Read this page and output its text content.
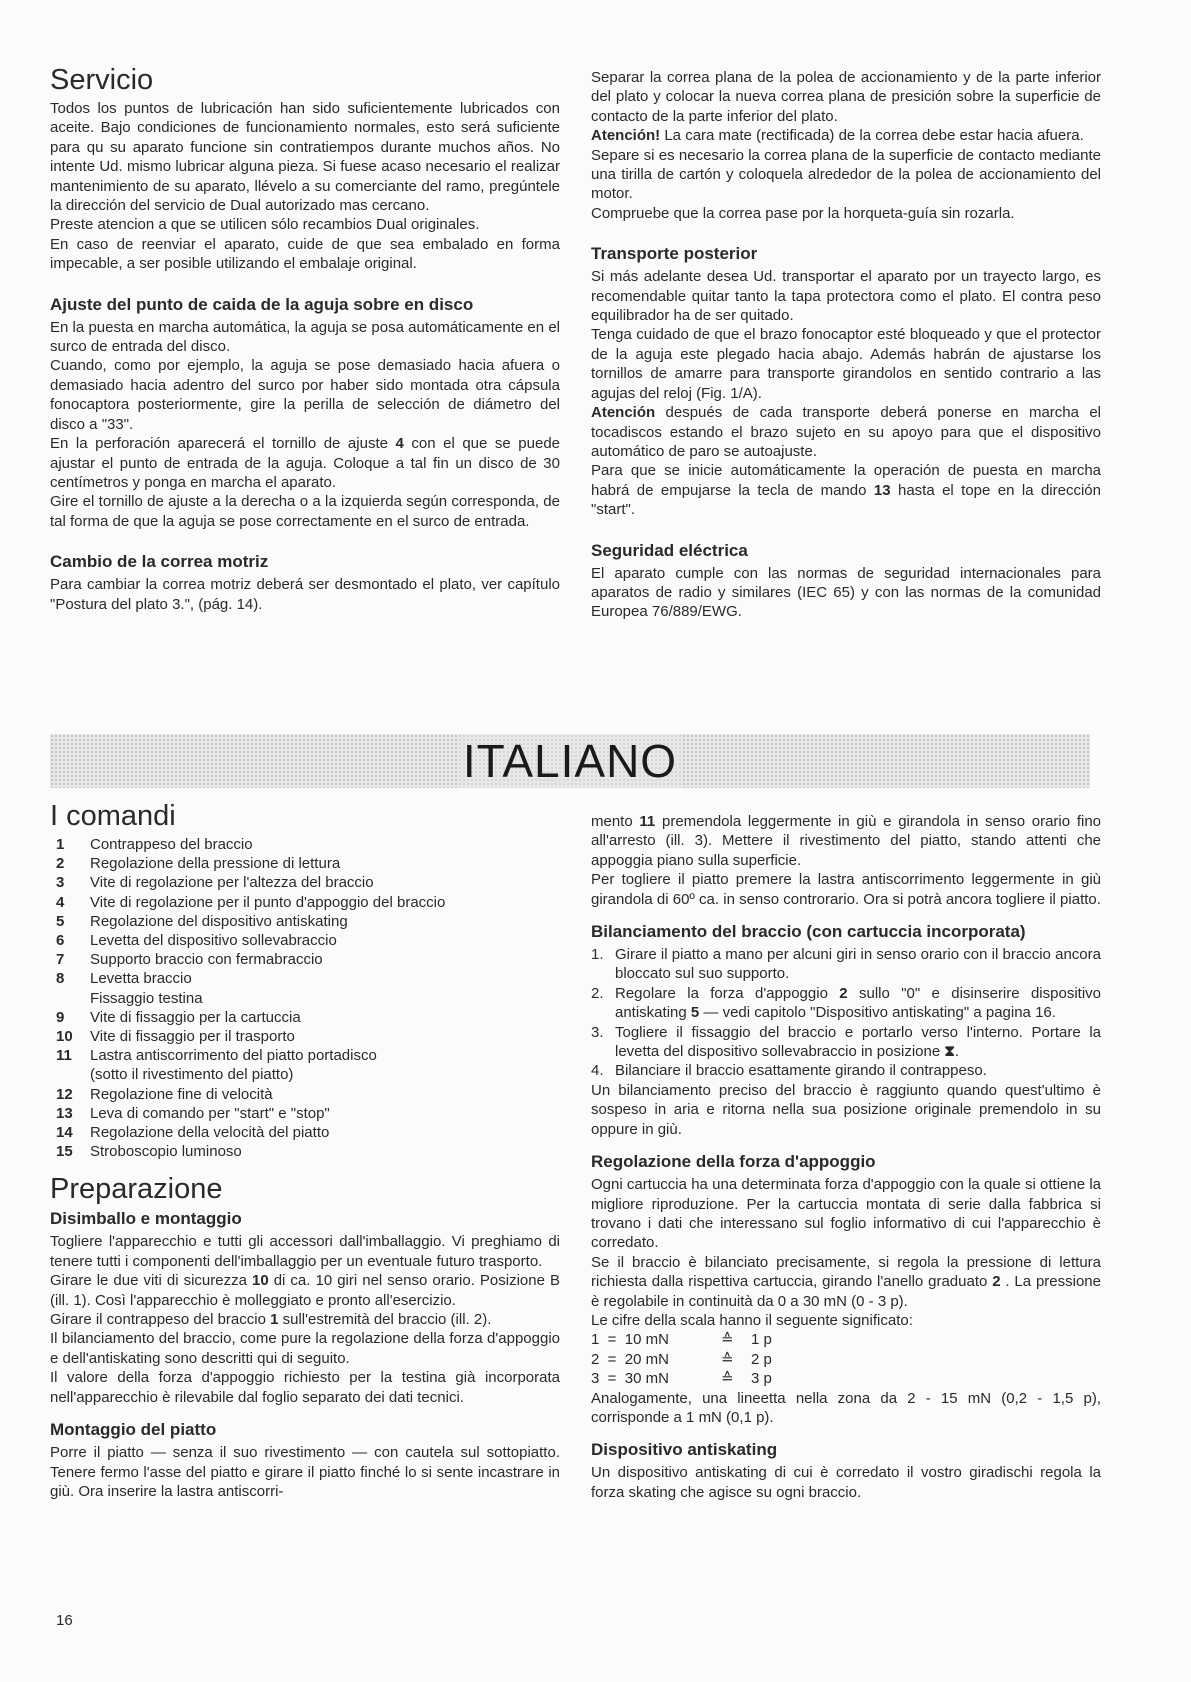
Servicio

Todos los puntos de lubricación han sido suficientemente lubricados con aceite. Bajo condiciones de funcionamiento normales, esto será suficiente para qu su aparato funcione sin contratiempos durante muchos años. No intente Ud. mismo lubricar alguna pieza. Si fuese acaso necesario el realizar mantenimiento de su aparato, llévelo a su comerciante del ramo, pregúntele la dirección del servicio de Dual autorizado mas cercano.

Preste atencion a que se utilicen sólo recambios Dual originales.

En caso de reenviar el aparato, cuide de que sea embalado en forma impecable, a ser posible utilizando el embalaje original.

Ajuste del punto de caida de la aguja sobre en disco

En la puesta en marcha automática, la aguja se posa automáticamente en el surco de entrada del disco.

Cuando, como por ejemplo, la aguja se pose demasiado hacia afuera o demasiado hacia adentro del surco por haber sido montada otra cápsula fonocaptora posteriormente, gire la perilla de selección de diámetro del disco a "33".

En la perforación aparecerá el tornillo de ajuste 4 con el que se puede ajustar el punto de entrada de la aguja. Coloque a tal fin un disco de 30 centímetros y ponga en marcha el aparato.

Gire el tornillo de ajuste a la derecha o a la izquierda según corresponda, de tal forma de que la aguja se pose correctamente en el surco de entrada.

Cambio de la correa motriz

Para cambiar la correa motriz deberá ser desmontado el plato, ver capítulo "Postura del plato 3.", (pág. 14).

Separar la correa plana de la polea de accionamiento y de la parte inferior del plato y colocar la nueva correa plana de presición sobre la superficie de contacto de la parte inferior del plato.

Atención! La cara mate (rectificada) de la correa debe estar hacia afuera.

Separe si es necesario la correa plana de la superficie de contacto mediante una tirilla de cartón y coloquela alrededor de la polea de accionamiento del motor.

Compruebe que la correa pase por la horqueta-guía sin rozarla.

Transporte posterior

Si más adelante desea Ud. transportar el aparato por un trayecto largo, es recomendable quitar tanto la tapa protectora como el plato. El contra peso equilibrador ha de ser quitado.

Tenga cuidado de que el brazo fonocaptor esté bloqueado y que el protector de la aguja este plegado hacia abajo. Además habrán de ajustarse los tornillos de amarre para transporte girandolos en sentido contrario a las agujas del reloj (Fig. 1/A).

Atención después de cada transporte deberá ponerse en marcha el tocadiscos estando el brazo sujeto en su apoyo para que el dispositivo automático de paro se autoajuste.

Para que se inicie automáticamente la operación de puesta en marcha habrá de empujarse la tecla de mando 13 hasta el tope en la dirección "start".

Seguridad eléctrica

El aparato cumple con las normas de seguridad internacionales para aparatos de radio y similares (IEC 65) y con las normas de la comunidad Europea 76/889/EWG.

ITALIANO
I comandi
1	Contrappeso del braccio
2	Regolazione della pressione di lettura
3	Vite di regolazione per l'altezza del braccio
4	Vite di regolazione per il punto d'appoggio del braccio
5	Regolazione del dispositivo antiskating
6	Levetta del dispositivo sollevabraccio
7	Supporto braccio con fermabraccio
8	Levetta braccio
Fissaggio testina
9	Vite di fissaggio per la cartuccia
10	Vite di fissaggio per il trasporto
11	Lastra antiscorrimento del piatto portadisco
(sotto il rivestimento del piatto)
12	Regolazione fine di velocità
13	Leva di comando per "start" e "stop"
14	Regolazione della velocità del piatto
15	Stroboscopio luminoso
Preparazione
Disimballo e montaggio

Togliere l'apparecchio e tutti gli accessori dall'imballaggio. Vi preghiamo di tenere tutti i componenti dell'imballaggio per un eventuale futuro trasporto.

Girare le due viti di sicurezza 10 di ca. 10 giri nel senso orario. Posizione B (ill. 1). Così l'apparecchio è molleggiato e pronto all'esercizio.

Girare il contrappeso del braccio 1 sull'estremità del braccio (ill. 2).

Il bilanciamento del braccio, come pure la regolazione della forza d'appoggio e dell'antiskating sono descritti qui di seguito.

Il valore della forza d'appoggio richiesto per la testina già incorporata nell'apparecchio è rilevabile dal foglio separato dei dati tecnici.

Montaggio del piatto

Porre il piatto — senza il suo rivestimento — con cautela sul sottopiatto. Tenere fermo l'asse del piatto e girare il piatto finché lo si sente incastrare in giù. Ora inserire la lastra antiscorri-

mento 11 premendola leggermente in giù e girandola in senso orario fino all'arresto (ill. 3). Mettere il rivestimento del piatto, stando attenti che appoggia piano sulla superficie.

Per togliere il piatto premere la lastra antiscorrimento leggermente in giù girandola di 60º ca. in senso controrario. Ora si potrà ancora togliere il piatto.

Bilanciamento del braccio (con cartuccia incorporata)
1. Girare il piatto a mano per alcuni giri in senso orario con il braccio ancora bloccato sul suo supporto.
2. Regolare la forza d'appoggio 2 sullo "0" e disinserire dispositivo antiskating 5 — vedi capitolo "Dispositivo antiskating" a pagina 16.
3. Togliere il fissaggio del braccio e portarlo verso l'interno. Portare la levetta del dispositivo sollevabraccio in posizione ⧗.
4. Bilanciare il braccio esattamente girando il contrappeso.

Un bilanciamento preciso del braccio è raggiunto quando quest'ultimo è sospeso in aria e ritorna nella sua posizione originale premendolo in su oppure in giù.

Regolazione della forza d'appoggio

Ogni cartuccia ha una determinata forza d'appoggio con la quale si ottiene la migliore riproduzione. Per la cartuccia montata di serie dalla fabbrica si trovano i dati che interessano sul foglio informativo di cui l'apparecchio è corredato.

Se il braccio è bilanciato precisamente, si regola la pressione di lettura richiesta dalla rispettiva cartuccia, girando l'anello graduato 2 . La pressione è regolabile in continuità da 0 a 30 mN (0 - 3 p).

Le cifre della scala hanno il seguente significato:

1  =  10 mN	≙	1 p
2  =  20 mN	≙	2 p
3  =  30 mN	≙	3 p

Analogamente, una lineetta nella zona da 2 - 15 mN (0,2 - 1,5 p), corrisponde a 1 mN (0,1 p).

Dispositivo antiskating

Un dispositivo antiskating di cui è corredato il vostro giradischi regola la forza skating che agisce su ogni braccio.

16
